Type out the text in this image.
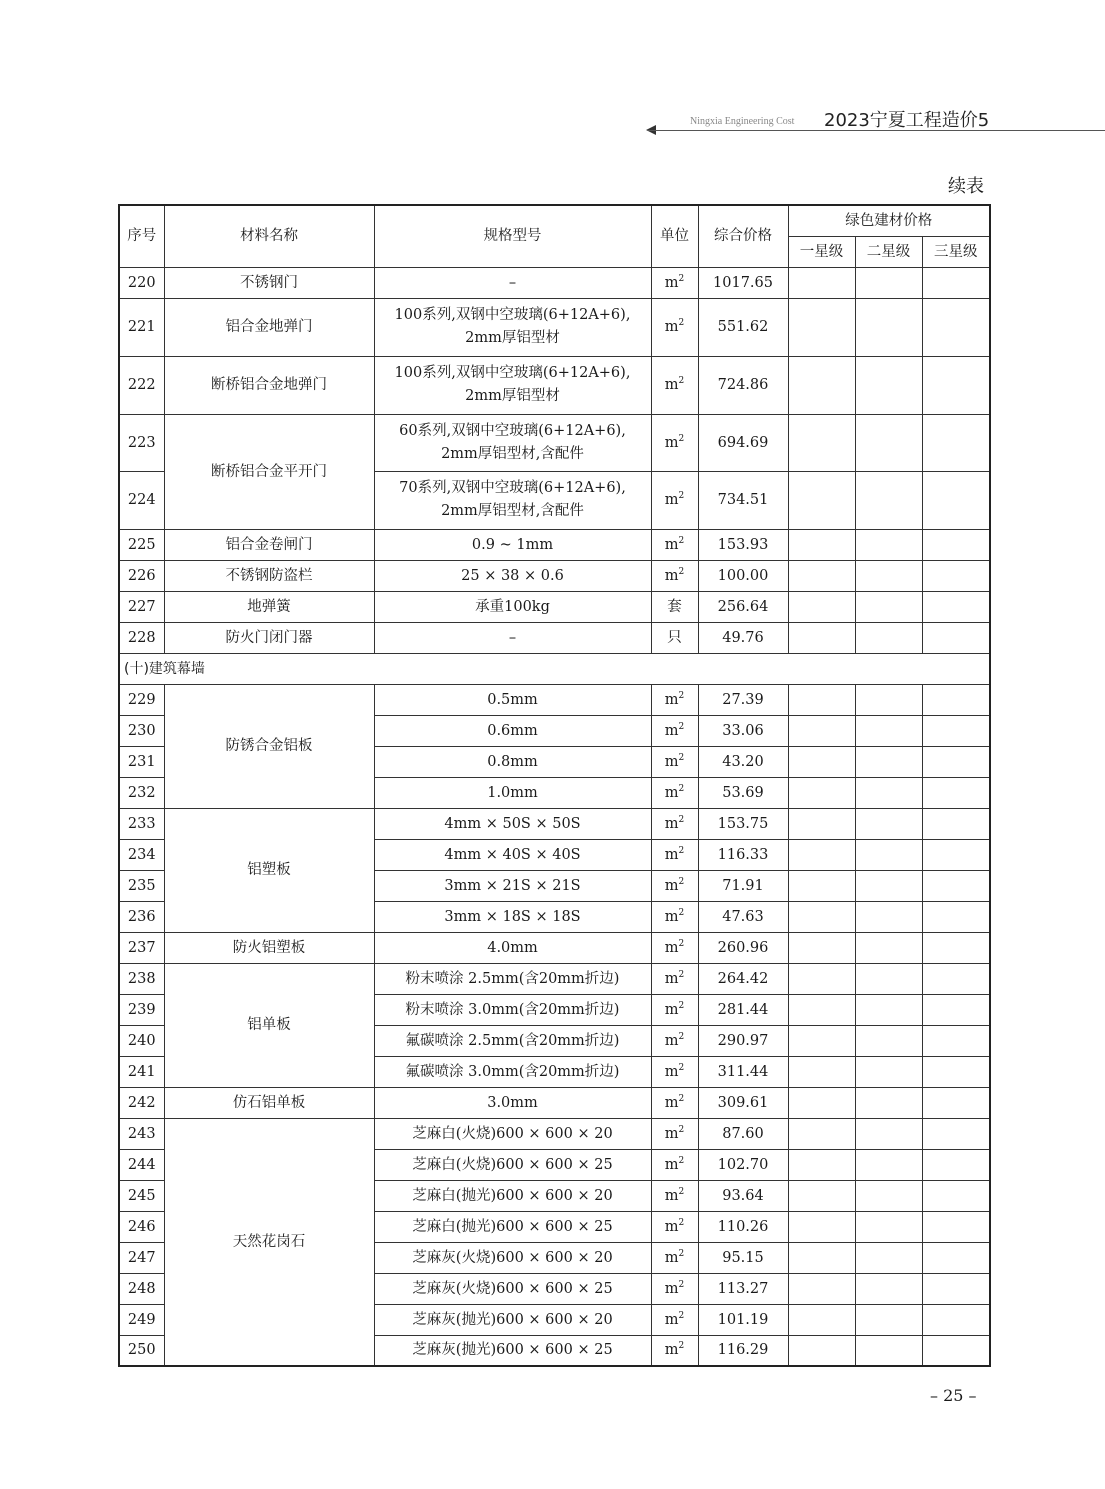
Ningxia Engineering Cost 2023宁夏工程造价5
续表
序号	材料名称	规格型号	单位	综合价格	绿色建材价格		
					一星级	二星级	三星级
220	不锈钢门	–	$m^2$	1017.65			
221	铝合金地弹门	100系列,双钢中空玻璃(6+12A+6),
2mm厚铝型材	$m^2$	551.62			
222	断桥铝合金地弹门	100系列,双钢中空玻璃(6+12A+6),
2mm厚铝型材	$m^2$	724.86			
223	断桥铝合金平开门	60系列,双钢中空玻璃(6+12A+6),
2mm厚铝型材,含配件	$m^2$	694.69			
224		70系列,双钢中空玻璃(6+12A+6),
2mm厚铝型材,含配件	$m^2$	734.51			
225	铝合金卷闸门	0.9 ~ 1mm	$m^2$	153.93			
226	不锈钢防盗栏	25 × 38 × 0.6	$m^2$	100.00			
227	地弹簧	承重100kg	套	256.64			
228	防火门闭门器	–	只	49.76			
(十)建筑幕墙							
229	防锈合金铝板	0.5mm	$m^2$	27.39			
230		0.6mm	$m^2$	33.06			
231		0.8mm	$m^2$	43.20			
232		1.0mm	$m^2$	53.69			
233	铝塑板	4mm × 50S × 50S	$m^2$	153.75			
234		4mm × 40S × 40S	$m^2$	116.33			
235		3mm × 21S × 21S	$m^2$	71.91			
236		3mm × 18S × 18S	$m^2$	47.63			
237	防火铝塑板	4.0mm	$m^2$	260.96			
238	铝单板	粉末喷涂 2.5mm(含20mm折边)	$m^2$	264.42			
239		粉末喷涂 3.0mm(含20mm折边)	$m^2$	281.44			
240		氟碳喷涂 2.5mm(含20mm折边)	$m^2$	290.97			
241		氟碳喷涂 3.0mm(含20mm折边)	$m^2$	311.44			
242	仿石铝单板	3.0mm	$m^2$	309.61			
243	天然花岗石	芝麻白(火烧)600 × 600 × 20	$m^2$	87.60			
244		芝麻白(火烧)600 × 600 × 25	$m^2$	102.70			
245		芝麻白(抛光)600 × 600 × 20	$m^2$	93.64			
246		芝麻白(抛光)600 × 600 × 25	$m^2$	110.26			
247		芝麻灰(火烧)600 × 600 × 20	$m^2$	95.15			
248		芝麻灰(火烧)600 × 600 × 25	$m^2$	113.27			
249		芝麻灰(抛光)600 × 600 × 20	$m^2$	101.19			
250		芝麻灰(抛光)600 × 600 × 25	$m^2$	116.29			
– 25 –
